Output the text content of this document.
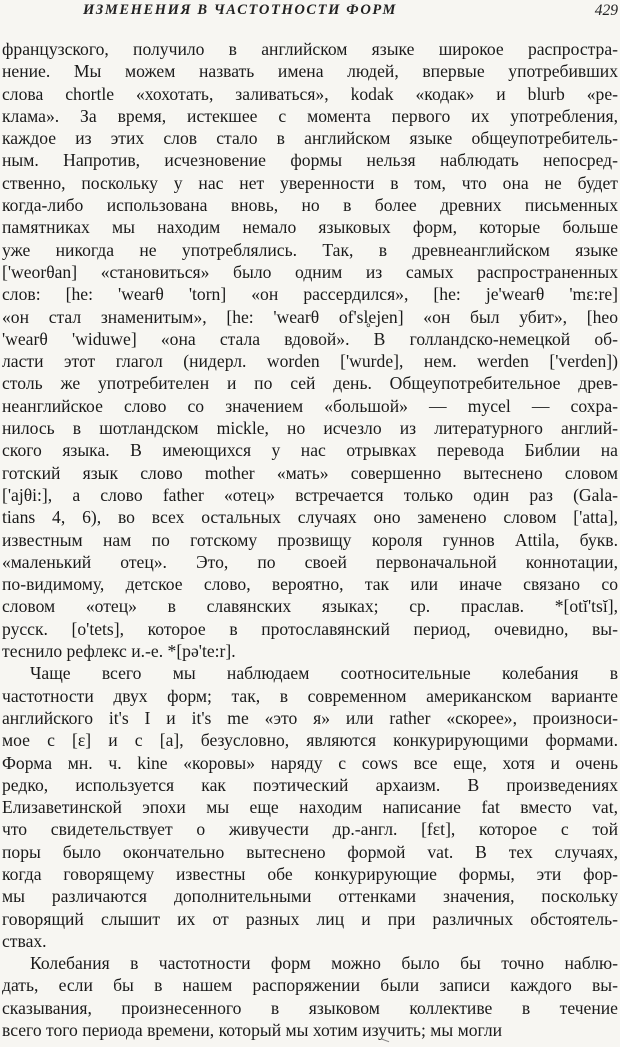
ИЗМЕНЕНИЯ В ЧАСТОТНОСТИ ФОРМ	429
французского, получило в английском языке широкое распростра-
нение. Мы можем назвать имена людей, впервые употребивших
слова chortle «хохотать, заливаться», kodak «кодак» и blurb «ре-
клама». За время, истекшее с момента первого их употребления,
каждое из этих слов стало в английском языке общеупотребитель-
ным. Напротив, исчезновение формы нельзя наблюдать непосред-
ственно, поскольку у нас нет уверенности в том, что она не будет
когда-либо использована вновь, но в более древних письменных
памятниках мы находим немало языковых форм, которые больше
уже никогда не употреблялись. Так, в древнеанглийском языке
['weorθan] «становиться» было одним из самых распространенных
слов: [he: 'wearθ 'torn] «он рассердился», [he: je'wearθ 'mɛ:re]
«он стал знаменитым», [he: 'wearθ of'sl̥ejen] «он был убит», [heo
'wearθ 'widuwe] «она стала вдовой». В голландско-немецкой об-
ласти этот глагол (нидерл. worden ['wurde], нем. werden ['verden])
столь же употребителен и по сей день. Общеупотребительное древ-
неанглийское слово со значением «большой» — mycel — сохра-
нилось в шотландском mickle, но исчезло из литературного англий-
ского языка. В имеющихся у нас отрывках перевода Библии на
готский язык слово mother «мать» совершенно вытеснено словом
['ajθi:], а слово father «отец» встречается только один раз (Gala-
tians 4, 6), во всех остальных случаях оно заменено словом ['atta],
известным нам по готскому прозвищу короля гуннов Attila, букв.
«маленький отец». Это, по своей первоначальной коннотации,
по-видимому, детское слово, вероятно, так или иначе связано со
словом «отец» в славянских языках; ср. праслав. *[otĭ'tsĭ],
русск. [o'tets], которое в протославянский период, очевидно, вы-
теснило рефлекс и.-е. *[pə'te:r].
Чаще всего мы наблюдаем соотносительные колебания в
частотности двух форм; так, в современном американском варианте
английского it's I и it's me «это я» или rather «скорее», произноси-
мое с [ɛ] и с [a], безусловно, являются конкурирующими формами.
Форма мн. ч. kine «коровы» наряду с cows все еще, хотя и очень
редко, используется как поэтический архаизм. В произведениях
Елизаветинской эпохи мы еще находим написание fat вместо vat,
что свидетельствует о живучести др.-англ. [fɛt], которое с той
поры было окончательно вытеснено формой vat. В тех случаях,
когда говорящему известны обе конкурирующие формы, эти фор-
мы различаются дополнительными оттенками значения, поскольку
говорящий слышит их от разных лиц и при различных обстоятель-
ствах.
Колебания в частотности форм можно было бы точно наблю-
дать, если бы в нашем распоряжении были записи каждого вы-
сказывания, произнесенного в языковом коллективе в течение
всего того периода времени, который мы хотим изучить; мы могли
